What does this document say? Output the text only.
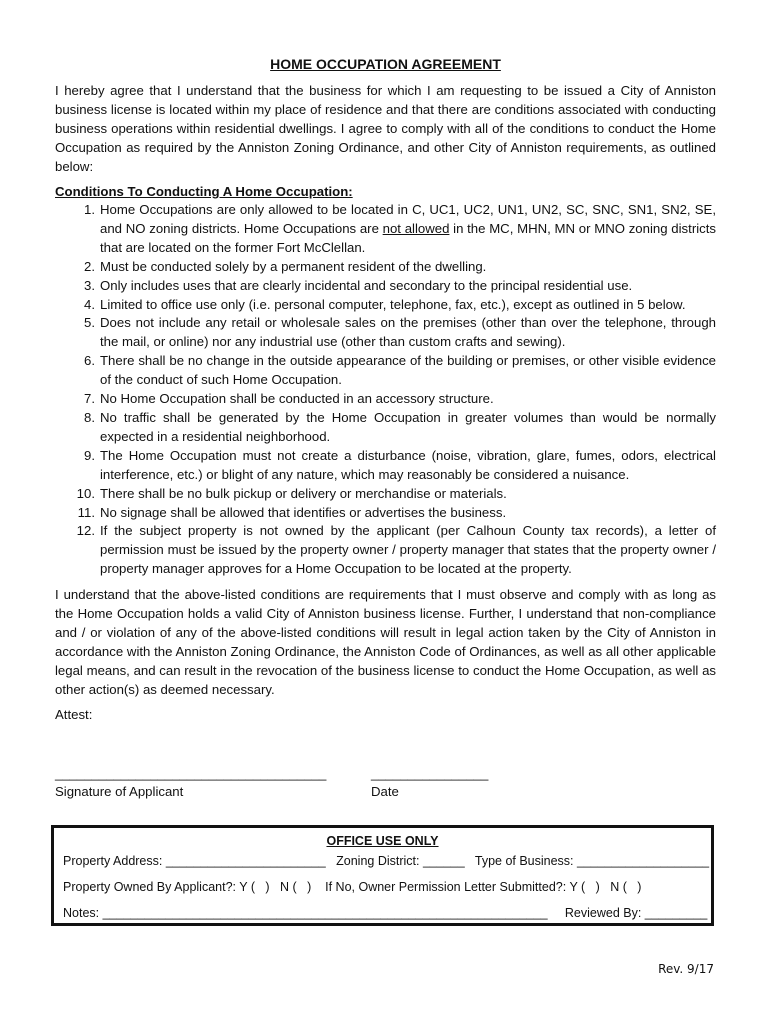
HOME OCCUPATION AGREEMENT

I hereby agree that I understand that the business for which I am requesting to be issued a City of Anniston business license is located within my place of residence and that there are conditions associated with conducting business operations within residential dwellings. I agree to comply with all of the conditions to conduct the Home Occupation as required by the Anniston Zoning Ordinance, and other City of Anniston requirements, as outlined below:

Conditions To Conducting A Home Occupation:
1. Home Occupations are only allowed to be located in C, UC1, UC2, UN1, UN2, SC, SNC, SN1, SN2, SE, and NO zoning districts. Home Occupations are not allowed in the MC, MHN, MN or MNO zoning districts that are located on the former Fort McClellan.
2. Must be conducted solely by a permanent resident of the dwelling.
3. Only includes uses that are clearly incidental and secondary to the principal residential use.
4. Limited to office use only (i.e. personal computer, telephone, fax, etc.), except as outlined in 5 below.
5. Does not include any retail or wholesale sales on the premises (other than over the telephone, through the mail, or online) nor any industrial use (other than custom crafts and sewing).
6. There shall be no change in the outside appearance of the building or premises, or other visible evidence of the conduct of such Home Occupation.
7. No Home Occupation shall be conducted in an accessory structure.
8. No traffic shall be generated by the Home Occupation in greater volumes than would be normally expected in a residential neighborhood.
9. The Home Occupation must not create a disturbance (noise, vibration, glare, fumes, odors, electrical interference, etc.) or blight of any nature, which may reasonably be considered a nuisance.
10. There shall be no bulk pickup or delivery or merchandise or materials.
11. No signage shall be allowed that identifies or advertises the business.
12. If the subject property is not owned by the applicant (per Calhoun County tax records), a letter of permission must be issued by the property owner / property manager that states that the property owner / property manager approves for a Home Occupation to be located at the property.

I understand that the above-listed conditions are requirements that I must observe and comply with as long as the Home Occupation holds a valid City of Anniston business license. Further, I understand that non-compliance and / or violation of any of the above-listed conditions will result in legal action taken by the City of Anniston in accordance with the Anniston Zoning Ordinance, the Anniston Code of Ordinances, as well as all other applicable legal means, and can result in the revocation of the business license to conduct the Home Occupation, as well as other action(s) as deemed necessary.

Attest:
_____________________________________	________________
Signature of Applicant	Date
OFFICE USE ONLY
Property Address: _______________________   Zoning District: ______   Type of Business: ___________________
Property Owned By Applicant?: Y (   )   N (   )    If No, Owner Permission Letter Submitted?: Y (   )   N (   )
Notes: ________________________________________________________________     Reviewed By: _________
Rev. 9/17
